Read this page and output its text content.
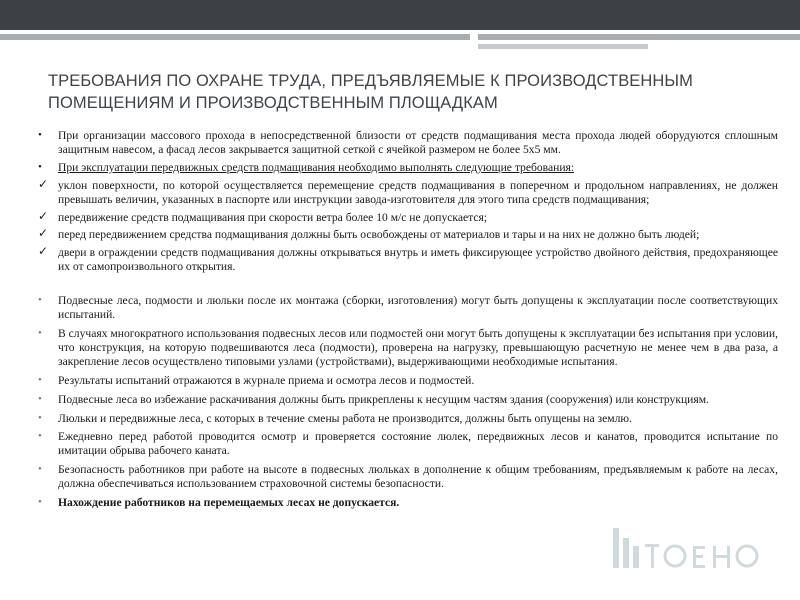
ТРЕБОВАНИЯ ПО ОХРАНЕ ТРУДА, ПРЕДЪЯВЛЯЕМЫЕ К ПРОИЗВОДСТВЕННЫМ ПОМЕЩЕНИЯМ И ПРОИЗВОДСТВЕННЫМ ПЛОЩАДКАМ

• При организации массового прохода в непосредственной близости от средств подмащивания места прохода людей оборудуются сплошным защитным навесом, а фасад лесов закрывается защитной сеткой с ячейкой размером не более 5х5 мм.

• При эксплуатации передвижных средств подмащивания необходимо выполнять следующие требования:

✓ уклон поверхности, по которой осуществляется перемещение средств подмащивания в поперечном и продольном направлениях, не должен превышать величин, указанных в паспорте или инструкции завода-изготовителя для этого типа средств подмащивания;

✓ передвижение средств подмащивания при скорости ветра более 10 м/с не допускается;

✓ перед передвижением средства подмащивания должны быть освобождены от материалов и тары и на них не должно быть людей;

✓ двери в ограждении средств подмащивания должны открываться внутрь и иметь фиксирующее устройство двойного действия, предохраняющее их от самопроизвольного открытия.

• Подвесные леса, подмости и люльки после их монтажа (сборки, изготовления) могут быть допущены к эксплуатации после соответствующих испытаний.

• В случаях многократного использования подвесных лесов или подмостей они могут быть допущены к эксплуатации без испытания при условии, что конструкция, на которую подвешиваются леса (подмости), проверена на нагрузку, превышающую расчетную не менее чем в два раза, а закрепление лесов осуществлено типовыми узлами (устройствами), выдерживающими необходимые испытания.

• Результаты испытаний отражаются в журнале приема и осмотра лесов и подмостей.

• Подвесные леса во избежание раскачивания должны быть прикреплены к несущим частям здания (сооружения) или конструкциям.

• Люльки и передвижные леса, с которых в течение смены работа не производится, должны быть опущены на землю.

• Ежедневно перед работой проводится осмотр и проверяется состояние люлек, передвижных лесов и канатов, проводится испытание по имитации обрыва рабочего каната.

• Безопасность работников при работе на высоте в подвесных люльках в дополнение к общим требованиям, предъявляемым к работе на лесах, должна обеспечиваться использованием страховочной системы безопасности.

• Нахождение работников на перемещаемых лесах не допускается.
